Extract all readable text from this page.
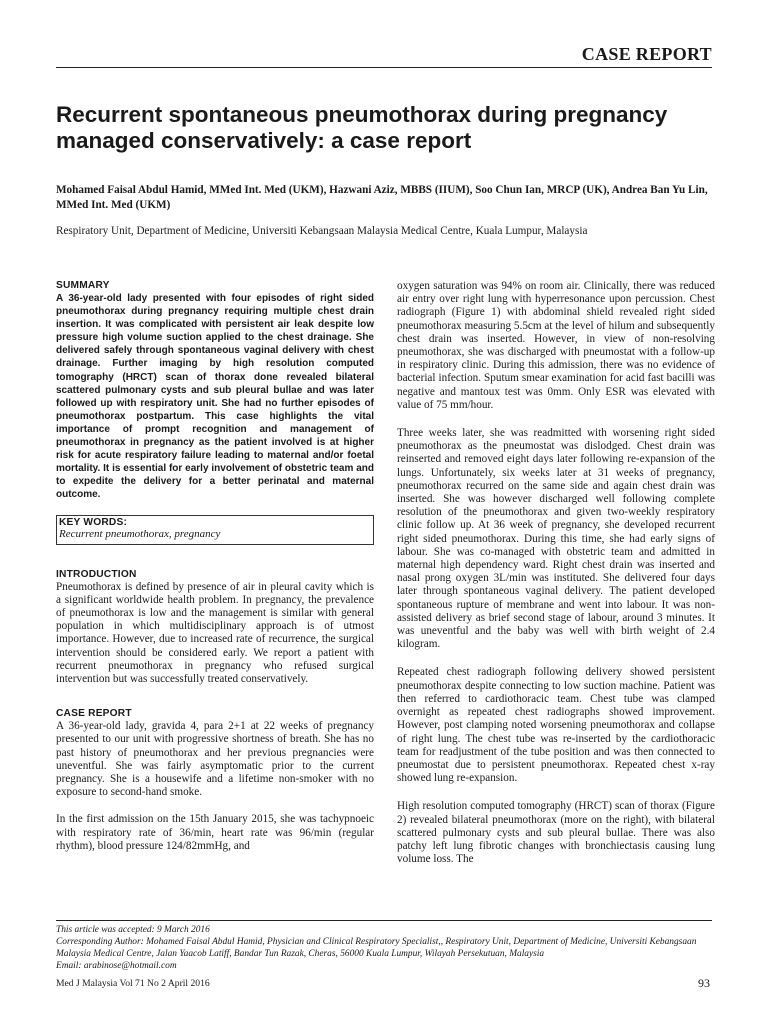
CASE REPORT
Recurrent spontaneous pneumothorax during pregnancy managed conservatively: a case report

Mohamed Faisal Abdul Hamid, MMed Int. Med (UKM), Hazwani Aziz, MBBS (IIUM), Soo Chun Ian, MRCP (UK), Andrea Ban Yu Lin, MMed Int. Med (UKM)

Respiratory Unit, Department of Medicine, Universiti Kebangsaan Malaysia Medical Centre, Kuala Lumpur, Malaysia

SUMMARY

A 36-year-old lady presented with four episodes of right sided pneumothorax during pregnancy requiring multiple chest drain insertion. It was complicated with persistent air leak despite low pressure high volume suction applied to the chest drainage. She delivered safely through spontaneous vaginal delivery with chest drainage. Further imaging by high resolution computed tomography (HRCT) scan of thorax done revealed bilateral scattered pulmonary cysts and sub pleural bullae and was later followed up with respiratory unit. She had no further episodes of pneumothorax postpartum. This case highlights the vital importance of prompt recognition and management of pneumothorax in pregnancy as the patient involved is at higher risk for acute respiratory failure leading to maternal and/or foetal mortality. It is essential for early involvement of obstetric team and to expedite the delivery for a better perinatal and maternal outcome.

KEY WORDS:
Recurrent pneumothorax, pregnancy
INTRODUCTION

Pneumothorax is defined by presence of air in pleural cavity which is a significant worldwide health problem. In pregnancy, the prevalence of pneumothorax is low and the management is similar with general population in which multidisciplinary approach is of utmost importance. However, due to increased rate of recurrence, the surgical intervention should be considered early. We report a patient with recurrent pneumothorax in pregnancy who refused surgical intervention but was successfully treated conservatively.

CASE REPORT

A 36-year-old lady, gravida 4, para 2+1 at 22 weeks of pregnancy presented to our unit with progressive shortness of breath. She has no past history of pneumothorax and her previous pregnancies were uneventful. She was fairly asymptomatic prior to the current pregnancy. She is a housewife and a lifetime non-smoker with no exposure to second-hand smoke.

In the first admission on the 15th January 2015, she was tachypnoeic with respiratory rate of 36/min, heart rate was 96/min (regular rhythm), blood pressure 124/82mmHg, and

oxygen saturation was 94% on room air. Clinically, there was reduced air entry over right lung with hyperresonance upon percussion. Chest radiograph (Figure 1) with abdominal shield revealed right sided pneumothorax measuring 5.5cm at the level of hilum and subsequently chest drain was inserted. However, in view of non-resolving pneumothorax, she was discharged with pneumostat with a follow-up in respiratory clinic. During this admission, there was no evidence of bacterial infection. Sputum smear examination for acid fast bacilli was negative and mantoux test was 0mm. Only ESR was elevated with value of 75 mm/hour.

Three weeks later, she was readmitted with worsening right sided pneumothorax as the pneumostat was dislodged. Chest drain was reinserted and removed eight days later following re-expansion of the lungs. Unfortunately, six weeks later at 31 weeks of pregnancy, pneumothorax recurred on the same side and again chest drain was inserted. She was however discharged well following complete resolution of the pneumothorax and given two-weekly respiratory clinic follow up. At 36 week of pregnancy, she developed recurrent right sided pneumothorax. During this time, she had early signs of labour. She was co-managed with obstetric team and admitted in maternal high dependency ward. Right chest drain was inserted and nasal prong oxygen 3L/min was instituted. She delivered four days later through spontaneous vaginal delivery. The patient developed spontaneous rupture of membrane and went into labour. It was non-assisted delivery as brief second stage of labour, around 3 minutes. It was uneventful and the baby was well with birth weight of 2.4 kilogram.

Repeated chest radiograph following delivery showed persistent pneumothorax despite connecting to low suction machine. Patient was then referred to cardiothoracic team. Chest tube was clamped overnight as repeated chest radiographs showed improvement. However, post clamping noted worsening pneumothorax and collapse of right lung. The chest tube was re-inserted by the cardiothoracic team for readjustment of the tube position and was then connected to pneumostat due to persistent pneumothorax. Repeated chest x-ray showed lung re-expansion.

High resolution computed tomography (HRCT) scan of thorax (Figure 2) revealed bilateral pneumothorax (more on the right), with bilateral scattered pulmonary cysts and sub pleural bullae. There was also patchy left lung fibrotic changes with bronchiectasis causing lung volume loss. The

This article was accepted: 9 March 2016
Corresponding Author: Mohamed Faisal Abdul Hamid, Physician and Clinical Respiratory Specialist,, Respiratory Unit, Department of Medicine, Universiti Kebangsaan Malaysia Medical Centre, Jalan Yaacob Latiff, Bandar Tun Razak, Cheras, 56000 Kuala Lumpur, Wilayah Persekutuan, Malaysia
Email: arabinose@hotmail.com
Med J Malaysia Vol 71 No 2 April 2016	93
